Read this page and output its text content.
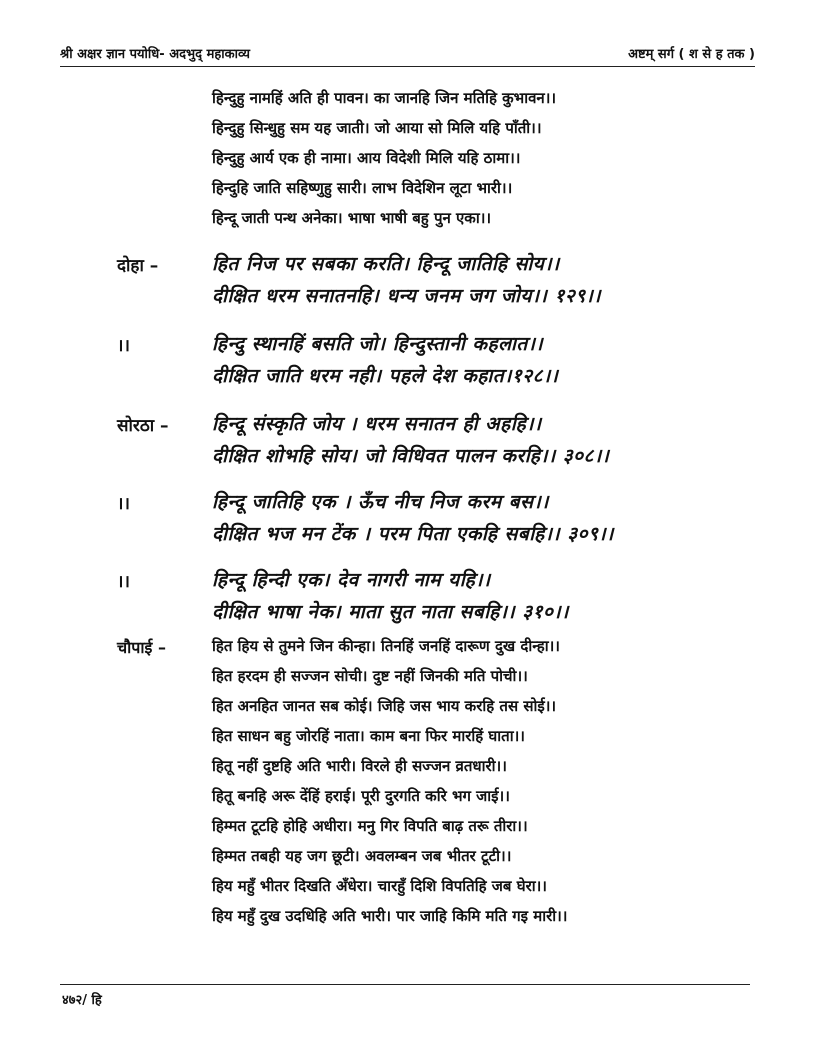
श्री अक्षर ज्ञान पयोधि- अदभुद् महाकाव्य	अष्टम् सर्ग ( श से ह तक )
हिन्दुहु नामहिं अति ही पावन। का जानहि जिन मतिहि कुभावन।।
हिन्दुहु सिन्धुहु सम यह जाती। जो आया सो मिलि यहि पाँती।।
हिन्दुहु आर्य एक ही नामा। आय विदेशी मिलि यहि ठामा।।
हिन्दुहि जाति सहिष्णुहु सारी। लाभ विदेशिन लूटा भारी।।
हिन्दू जाती पन्थ अनेका। भाषा भाषी बहु पुन एका।।
दोहा –	हित निज पर सबका करति। हिन्दू जातिहि सोय।।
दीक्षित धरम सनातनहि। धन्य जनम जग जोय।। १२९।।
।।	हिन्दु स्थानहिं बसति जो। हिन्दुस्तानी कहलात।।
दीक्षित जाति धरम नही। पहले देश कहात।१२८।।
सोरठा – हिन्दू संस्कृति जोय । धरम सनातन ही अहहि।।
दीक्षित शोभहि सोय। जो विधिवत पालन करहि।। ३०८।।
।।	हिन्दू जातिहि एक । ऊँच नीच निज करम बस।।
दीक्षित भज मन टेंक । परम पिता एकहि सबहि।। ३०९।।
।।	हिन्दू हिन्दी एक। देव नागरी नाम यहि।।
दीक्षित भाषा नेक। माता सुत नाता सबहि।। ३१०।।
चौपाई –	हित हिय से तुमने जिन कीन्हा। तिनहिं जनहिं दारूण दुख दीन्हा।।
हित हरदम ही सज्जन सोची। दुष्ट नहीं जिनकी मति पोची।।
हित अनहित जानत सब कोई। जिहि जस भाय करहि तस सोई।।
हित साधन बहु जोरहिं नाता। काम बना फिर मारहिं घाता।।
हितू नहीं दुष्टहि अति भारी। विरले ही सज्जन व्रतधारी।।
हितू बनहि अरू देंहिं हराई। पूरी दुरगति करि भग जाई।।
हिम्मत टूटहि होहि अधीरा। मनु गिर विपति बाढ़ तरू तीरा।।
हिम्मत तबही यह जग छूटी। अवलम्बन जब भीतर टूटी।।
हिय महुँ भीतर दिखति अँधेरा। चारहुँ दिशि विपतिहि जब घेरा।।
हिय महुँ दुख उदधिहि अति भारी। पार जाहि किमि मति गइ मारी।।
४७२/ हि
